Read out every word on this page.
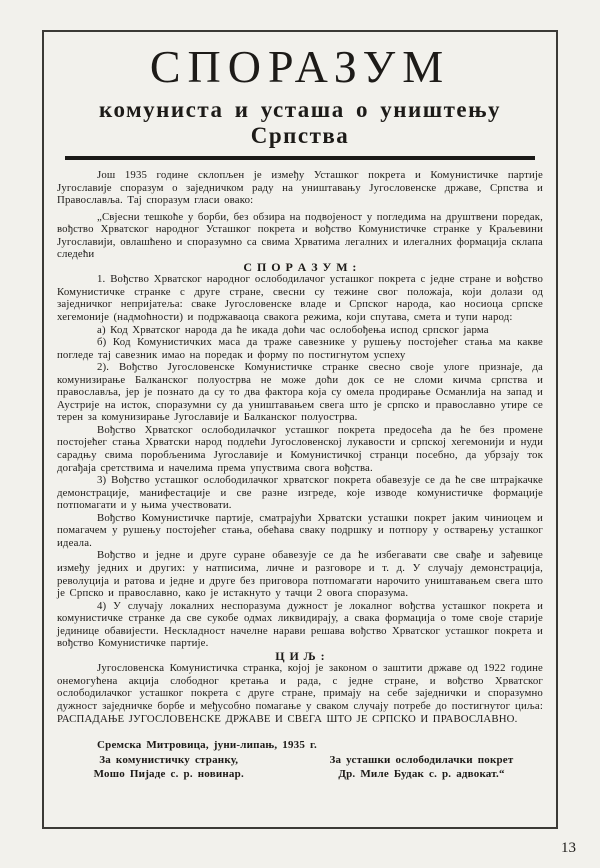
СПОРАЗУМ
комуниста и усташа о уништењу Српства

Још 1935 године склопљен је између Усташког покрета и Комунистичке партије Југославије споразум о заједничком раду на уништавању Југословенске државе, Српства и Православља. Тај споразум гласи овако:

„Свјесни тешкоће у борби, без обзира на подвојеност у погледима на друштвени поредак, вођство Хрватског народног Усташког покрета и вођство Комунистичке странке у Краљевини Југославији, овлашћено и споразумно са свима Хрватима легалних и илегалних формација склапа следећи

С П О Р А З У М :

1. Вођство Хрватског народног ослободилачог усташког покрета с једне стране и вођство Комунистичке странке с друге стране, свесни су тежине свог положаја, који долази од заједничког непријатеља: сваке Југословенске владе и Српског народа, као носиоца српске хегемоније (надмоћности) и подржаваоца свакога режима, који спутава, смета и тупи народ:

а) Код Хрватског народа да ће икада доћи час ослобођења испод српског јарма

б) Код Комунистичких маса да траже савезнике у рушењу постојећег стања ма какве погледе тај савезник имао на поредак и форму по постигнутом успеху

2). Вођство Југословенске Комунистичке странке свесно своје улоге признаје, да комунизирање Балканског полуострва не може доћи док се не сломи кичма српства и православља, јер је познато да су то два фактора која су омела продирање Османлија на запад и Аустрије на исток, споразумни су да уништавањем свега што је српско и православно утире се терен за комунизирање Југославије и Балканског полуострва.

Вођство Хрватског ослободилачког усташког покрета предосећа да ће без промене постојећег стања Хрватски народ подлећи Југословенској лукавости и српској хегемонији и нуди сарадњу свима поробљенима Југославије и Комунистичкој странци посебно, да убрзају ток догађаја сретствима и начелима према упуствима свога вођства.

3) Вођство усташког ослободилачког хрватског покрета обавезује се да ће све штрајкачке демонстрације, манифестације и све разне изгреде, које изводе комунистичке формације потпомагати и у њима учествовати.

Вођство Комунистичке партије, сматрајући Хрватски усташки покрет јаким чиниоцем и помагачем у рушењу постојећег стања, обећава сваку подршку и потпору у остварењу усташког идеала.

Вођство и једне и друге суране обавезује се да ће избегавати све свађе и зађевице између једних и других: у натписима, личне и разговоре и т. д. У случају демонстрација, револуција и ратова и једне и друге без приговора потпомагати нарочито уништавањем свега што је Српско и православно, како је истакнуто у тачци 2 овога споразума.

4) У случају локалних неспоразума дужност је локалног вођства усташког покрета и комунистичке странке да све сукобе одмах ликвидирају, а свака формација о томе своје старије јединице обавијести. Нескладност начелне нарави решава вођство Хрватског усташког покрета и вођство Комунистичке партије.

Ц И Љ :

Југословенска Комунистичка странка, којој је законом о заштити државе од 1922 године онемогућена акција слободног кретања и рада, с једне стране, и вођство Хрватског ослободилачког усташког покрета с друге стране, примају на себе заједнички и споразумно дужност заједничке борбе и међусобно помагање у сваком случају потребе до постигнутог циља: РАСПАДАЊЕ ЈУГОСЛОВЕНСКЕ ДРЖАВЕ И СВЕГА ШТО ЈЕ СРПСКО И ПРАВОСЛАВНО.

Сремска Митровица, јуни-липањ, 1935 г.
За комунистичку странку,
Мошо Пијаде с. р. новинар.
За усташки ослободилачки покрет
Др. Миле Будак с. р. адвокат.“
13
